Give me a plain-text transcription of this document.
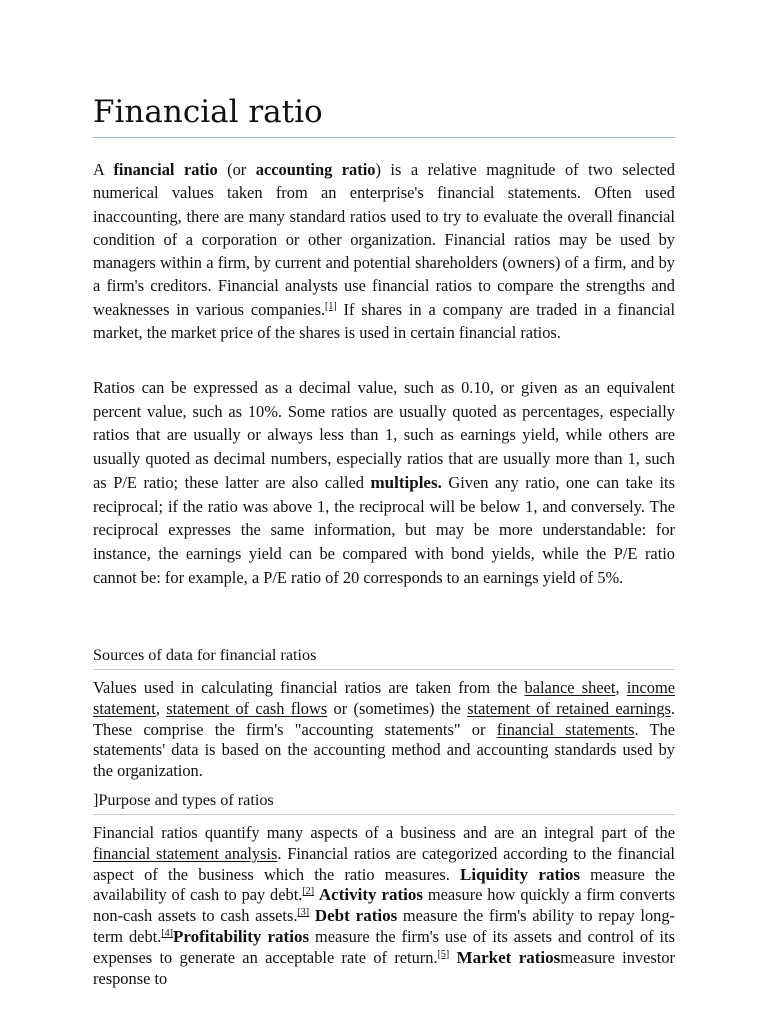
Financial ratio

A financial ratio (or accounting ratio) is a relative magnitude of two selected numerical values taken from an enterprise's financial statements. Often used inaccounting, there are many standard ratios used to try to evaluate the overall financial condition of a corporation or other organization. Financial ratios may be used by managers within a firm, by current and potential shareholders (owners) of a firm, and by a firm's creditors. Financial analysts use financial ratios to compare the strengths and weaknesses in various companies.[1] If shares in a company are traded in a financial market, the market price of the shares is used in certain financial ratios.

Ratios can be expressed as a decimal value, such as 0.10, or given as an equivalent percent value, such as 10%. Some ratios are usually quoted as percentages, especially ratios that are usually or always less than 1, such as earnings yield, while others are usually quoted as decimal numbers, especially ratios that are usually more than 1, such as P/E ratio; these latter are also called multiples. Given any ratio, one can take its reciprocal; if the ratio was above 1, the reciprocal will be below 1, and conversely. The reciprocal expresses the same information, but may be more understandable: for instance, the earnings yield can be compared with bond yields, while the P/E ratio cannot be: for example, a P/E ratio of 20 corresponds to an earnings yield of 5%.

Sources of data for financial ratios

Values used in calculating financial ratios are taken from the balance sheet, income statement, statement of cash flows or (sometimes) the statement of retained earnings. These comprise the firm's "accounting statements" or financial statements. The statements' data is based on the accounting method and accounting standards used by the organization.

]Purpose and types of ratios

Financial ratios quantify many aspects of a business and are an integral part of the financial statement analysis. Financial ratios are categorized according to the financial aspect of the business which the ratio measures. Liquidity ratios measure the availability of cash to pay debt.[2] Activity ratios measure how quickly a firm converts non-cash assets to cash assets.[3] Debt ratios measure the firm's ability to repay long-term debt.[4]Profitability ratios measure the firm's use of its assets and control of its expenses to generate an acceptable rate of return.[5] Market ratiosmeasure investor response to
